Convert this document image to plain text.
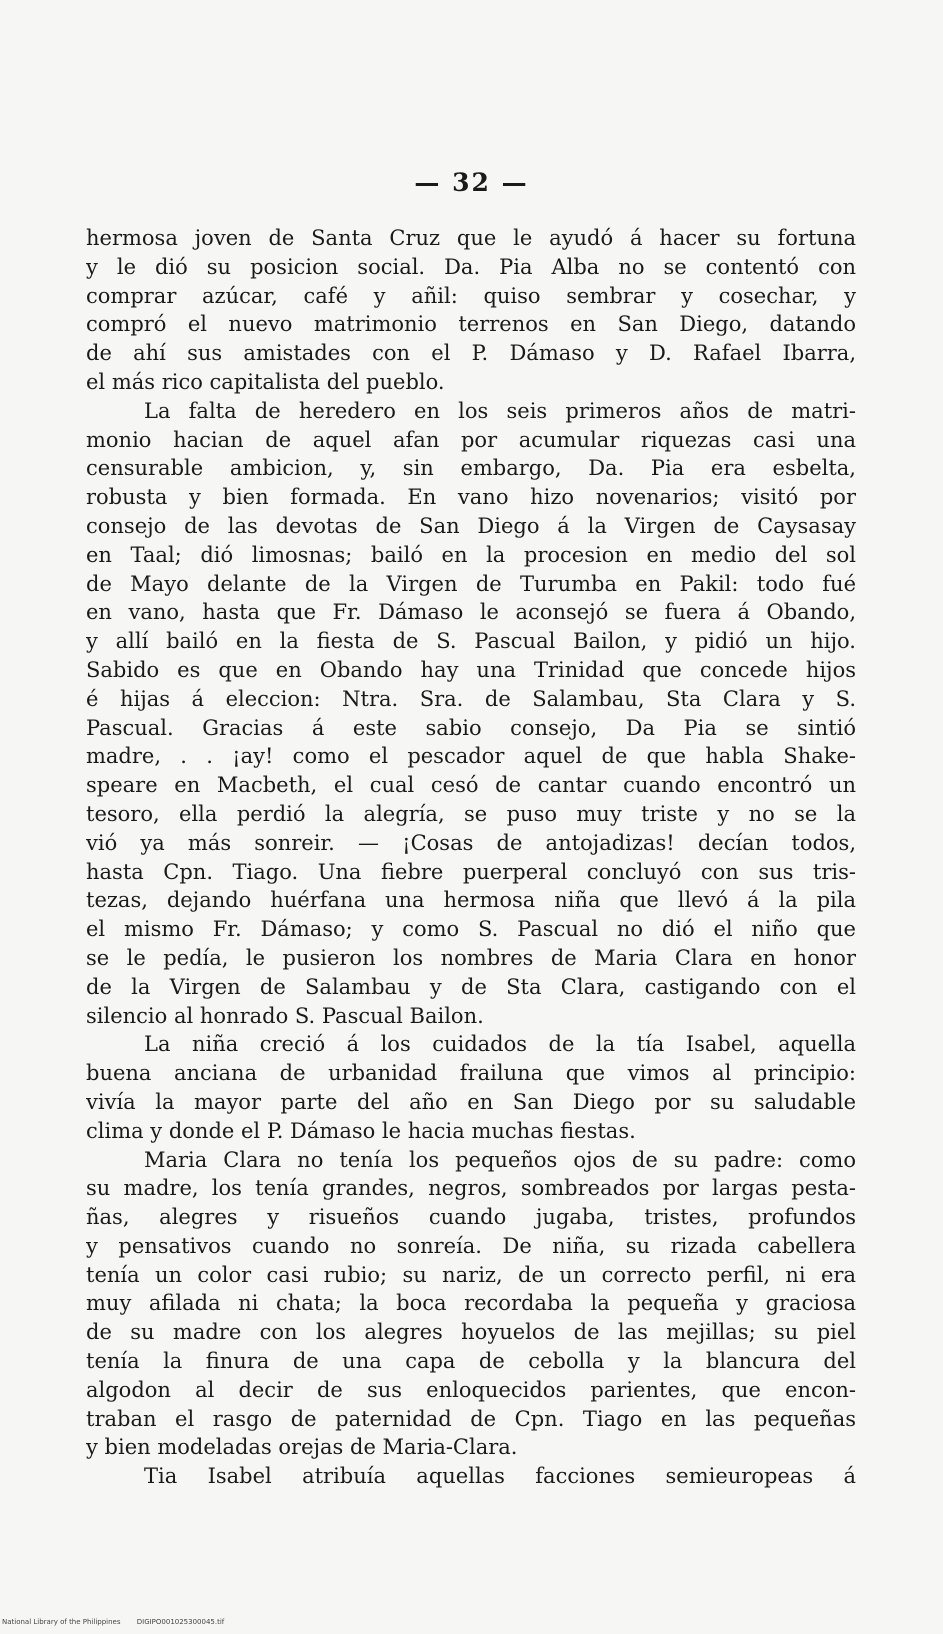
— 32 —
hermosa joven de Santa Cruz que le ayudó á hacer su fortuna
y le dió su posicion social. Da. Pia Alba no se contentó con
comprar azúcar, café y añil: quiso sembrar y cosechar, y
compró el nuevo matrimonio terrenos en San Diego, datando
de ahí sus amistades con el P. Dámaso y D. Rafael Ibarra,
el más rico capitalista del pueblo.
La falta de heredero en los seis primeros años de matri-
monio hacian de aquel afan por acumular riquezas casi una
censurable ambicion, y, sin embargo, Da. Pia era esbelta,
robusta y bien formada. En vano hizo novenarios; visitó por
consejo de las devotas de San Diego á la Virgen de Caysasay
en Taal; dió limosnas; bailó en la procesion en medio del sol
de Mayo delante de la Virgen de Turumba en Pakil: todo fué
en vano, hasta que Fr. Dámaso le aconsejó se fuera á Obando,
y allí bailó en la fiesta de S. Pascual Bailon, y pidió un hijo.
Sabido es que en Obando hay una Trinidad que concede hijos
é hijas á eleccion: Ntra. Sra. de Salambau, Sta Clara y S.
Pascual. Gracias á este sabio consejo, Da Pia se sintió
madre, . . ¡ay! como el pescador aquel de que habla Shake-
speare en Macbeth, el cual cesó de cantar cuando encontró un
tesoro, ella perdió la alegría, se puso muy triste y no se la
vió ya más sonreir. — ¡Cosas de antojadizas! decían todos,
hasta Cpn. Tiago. Una fiebre puerperal concluyó con sus tris-
tezas, dejando huérfana una hermosa niña que llevó á la pila
el mismo Fr. Dámaso; y como S. Pascual no dió el niño que
se le pedía, le pusieron los nombres de Maria Clara en honor
de la Virgen de Salambau y de Sta Clara, castigando con el
silencio al honrado S. Pascual Bailon.
La niña creció á los cuidados de la tía Isabel, aquella
buena anciana de urbanidad frailuna que vimos al principio:
vivía la mayor parte del año en San Diego por su saludable
clima y donde el P. Dámaso le hacia muchas fiestas.
Maria Clara no tenía los pequeños ojos de su padre: como
su madre, los tenía grandes, negros, sombreados por largas pesta-
ñas, alegres y risueños cuando jugaba, tristes, profundos
y pensativos cuando no sonreía. De niña, su rizada cabellera
tenía un color casi rubio; su nariz, de un correcto perfil, ni era
muy afilada ni chata; la boca recordaba la pequeña y graciosa
de su madre con los alegres hoyuelos de las mejillas; su piel
tenía la finura de una capa de cebolla y la blancura del
algodon al decir de sus enloquecidos parientes, que encon-
traban el rasgo de paternidad de Cpn. Tiago en las pequeñas
y bien modeladas orejas de Maria-Clara.
Tia Isabel atribuía aquellas facciones semieuropeas á
National Library of the Philippines DIGIPO001025300045.tif
